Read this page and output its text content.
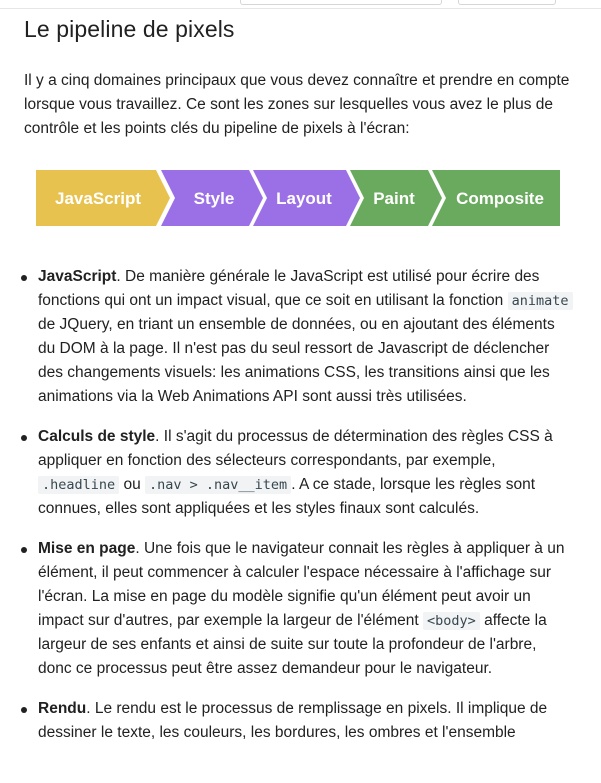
Le pipeline de pixels

Il y a cinq domaines principaux que vous devez connaître et prendre en compte lorsque vous travaillez. Ce sont les zones sur lesquelles vous avez le plus de contrôle et les points clés du pipeline de pixels à l'écran:

JavaScript	Style Layout Paint Composite
JavaScript. De manière générale le JavaScript est utilisé pour écrire des fonctions qui ont un impact visual, que ce soit en utilisant la fonction animate de JQuery, en triant un ensemble de données, ou en ajoutant des éléments du DOM à la page. Il n'est pas du seul ressort de Javascript de déclencher des changements visuels: les animations CSS, les transitions ainsi que les animations via la Web Animations API sont aussi très utilisées.
Calculs de style. Il s'agit du processus de détermination des règles CSS à appliquer en fonction des sélecteurs correspondants, par exemple, .headline ou .nav > .nav__item . A ce stade, lorsque les règles sont connues, elles sont appliquées et les styles finaux sont calculés.
Mise en page. Une fois que le navigateur connait les règles à appliquer à un élément, il peut commencer à calculer l'espace nécessaire à l'affichage sur l'écran. La mise en page du modèle signifie qu'un élément peut avoir un impact sur d'autres, par exemple la largeur de l'élément <body> affecte la largeur de ses enfants et ainsi de suite sur toute la profondeur de l'arbre, donc ce processus peut être assez demandeur pour le navigateur.
Rendu. Le rendu est le processus de remplissage en pixels. Il implique de dessiner le texte, les couleurs, les bordures, les ombres et l'ensemble
